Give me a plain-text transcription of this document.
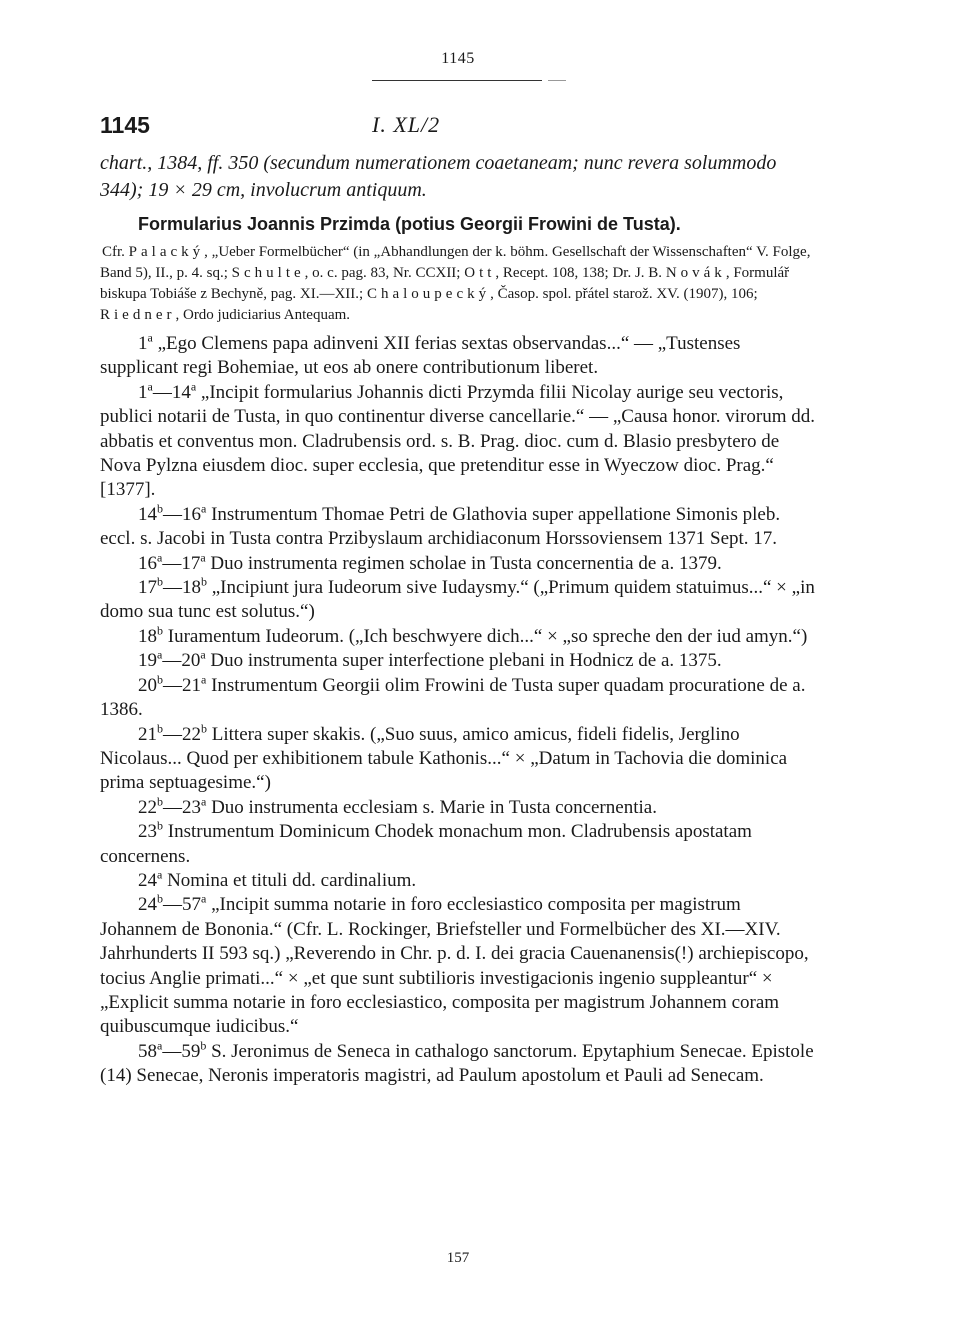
1145
1145	I. XL/2

chart., 1384, ff. 350 (secundum numerationem coaetaneam; nunc revera solummodo 344); 19 × 29 cm, involucrum antiquum.

Formularius Joannis Przimda (potius Georgii Frowini de Tusta).

Cfr. Palacký, „Ueber Formelbücher“ (in „Abhandlungen der k. böhm. Gesellschaft der Wissenschaften“ V. Folge, Band 5), II., p. 4. sq.; Schulte, o. c. pag. 83, Nr. CCXII; Ott, Recept. 108, 138; Dr. J. B. Novák, Formulář biskupa Tobiáše z Bechyně, pag. XI.—XII.; Chaloupecký, Časop. spol. přátel starož. XV. (1907), 106; Riedner, Ordo judiciarius Antequam.

1$^a$ „Ego Clemens papa adinveni XII ferias sextas observandas...“ — „Tustenses supplicant regi Bohemiae, ut eos ab onere contributionum liberet.

1$^a$—14$^a$ „Incipit formularius Johannis dicti Przymda filii Nicolay aurige seu vectoris, publici notarii de Tusta, in quo continentur diverse cancellarie.“ — „Causa honor. virorum dd. abbatis et conventus mon. Cladrubensis ord. s. B. Prag. dioc. cum d. Blasio presbytero de Nova Pylzna eiusdem dioc. super ecclesia, que pretenditur esse in Wyeczow dioc. Prag.“ [1377].

14$^b$—16$^a$ Instrumentum Thomae Petri de Glathovia super appellatione Simonis pleb. eccl. s. Jacobi in Tusta contra Przibyslaum archidiaconum Horssoviensem 1371 Sept. 17.

16$^a$—17$^a$ Duo instrumenta regimen scholae in Tusta concernentia de a. 1379.

17$^b$—18$^b$ „Incipiunt jura Iudeorum sive Iudaysmy.“ („Primum quidem statuimus...“ × „in domo sua tunc est solutus.“)

18$^b$ Iuramentum Iudeorum. („Ich beschwyere dich...“ × „so spreche den der iud amyn.“)

19$^a$—20$^a$ Duo instrumenta super interfectione plebani in Hodnicz de a. 1375.

20$^b$—21$^a$ Instrumentum Georgii olim Frowini de Tusta super quadam procuratione de a. 1386.

21$^b$—22$^b$ Littera super skakis. („Suo suus, amico amicus, fideli fidelis, Jerglino Nicolaus... Quod per exhibitionem tabule Kathonis...“ × „Datum in Tachovia die dominica prima septuagesime.“)

22$^b$—23$^a$ Duo instrumenta ecclesiam s. Marie in Tusta concernentia.

23$^b$ Instrumentum Dominicum Chodek monachum mon. Cladrubensis apostatam concernens.

24$^a$ Nomina et tituli dd. cardinalium.

24$^b$—57$^a$ „Incipit summa notarie in foro ecclesiastico composita per magistrum Johannem de Bononia.“ (Cfr. L. Rockinger, Briefsteller und Formelbücher des XI.—XIV. Jahrhunderts II 593 sq.) „Reverendo in Chr. p. d. I. dei gracia Cauenanensis(!) archiepiscopo, tocius Anglie primati...“ × „et que sunt subtilioris investigacionis ingenio suppleantur“ × „Explicit summa notarie in foro ecclesiastico, composita per magistrum Johannem coram quibuscumque iudicibus.“

58$^a$—59$^b$ S. Jeronimus de Seneca in cathalogo sanctorum. Epytaphium Senecae. Epistole (14) Senecae, Neronis imperatoris magistri, ad Paulum apostolum et Pauli ad Senecam.

157
